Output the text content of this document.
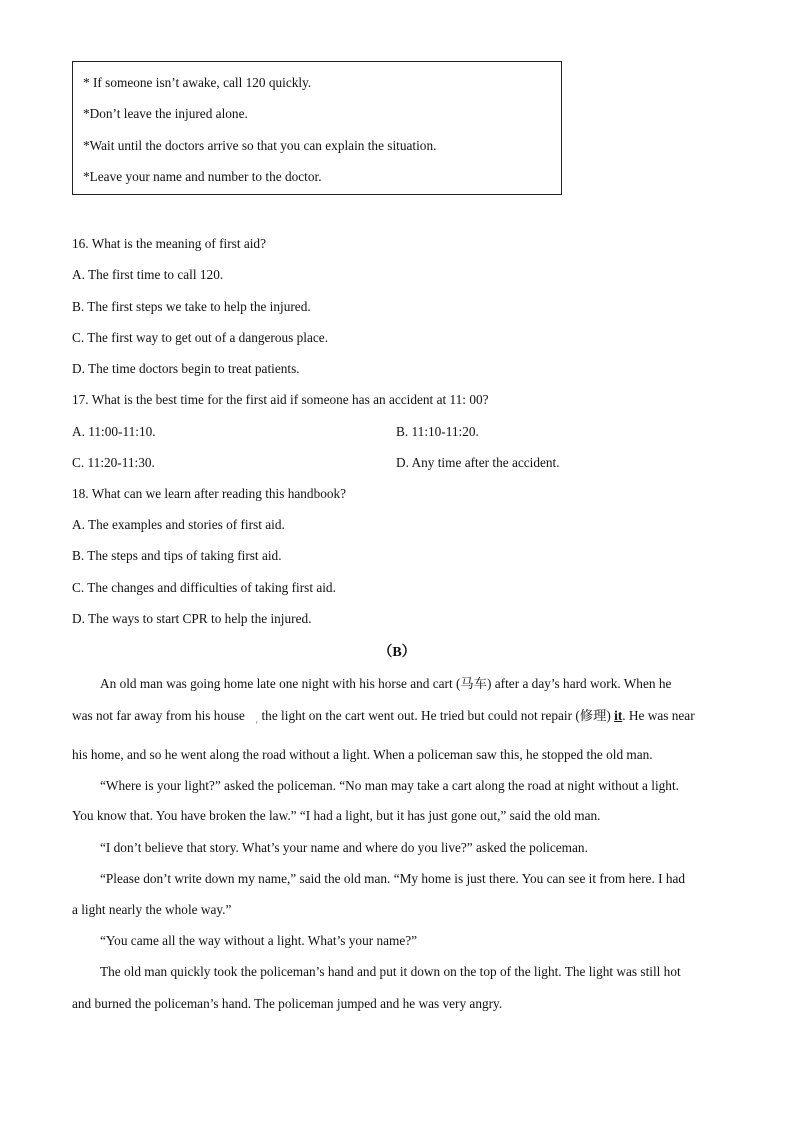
* If someone isn’t awake, call 120 quickly.
*Don’t leave the injured alone.
*Wait until the doctors arrive so that you can explain the situation.
*Leave your name and number to the doctor.
16. What is the meaning of first aid?
A. The first time to call 120.
B. The first steps we take to help the injured.
C. The first way to get out of a dangerous place.
D. The time doctors begin to treat patients.
17. What is the best time for the first aid if someone has an accident at 11: 00?
A. 11:00-11:10.	B. 11:10-11:20.
C. 11:20-11:30.	D. Any time after the accident.
18. What can we learn after reading this handbook?
A. The examples and stories of first aid.
B. The steps and tips of taking first aid.
C. The changes and difficulties of taking first aid.
D. The ways to start CPR to help the injured.
（B）
An old man was going home late one night with his horse and cart (马车) after a day’s hard work. When he
was not far away from his house the light on the cart went out. He tried but could not repair (修理) it. He was near
ʹ
his home, and so he went along the road without a light. When a policeman saw this, he stopped the old man.
“Where is your light?” asked the policeman. “No man may take a cart along the road at night without a light.
You know that. You have broken the law.” “I had a light, but it has just gone out,” said the old man.
“I don’t believe that story. What’s your name and where do you live?” asked the policeman.
“Please don’t write down my name,” said the old man. “My home is just there. You can see it from here. I had
a light nearly the whole way.”
“You came all the way without a light. What’s your name?”
The old man quickly took the policeman’s hand and put it down on the top of the light. The light was still hot
and burned the policeman’s hand. The policeman jumped and he was very angry.
